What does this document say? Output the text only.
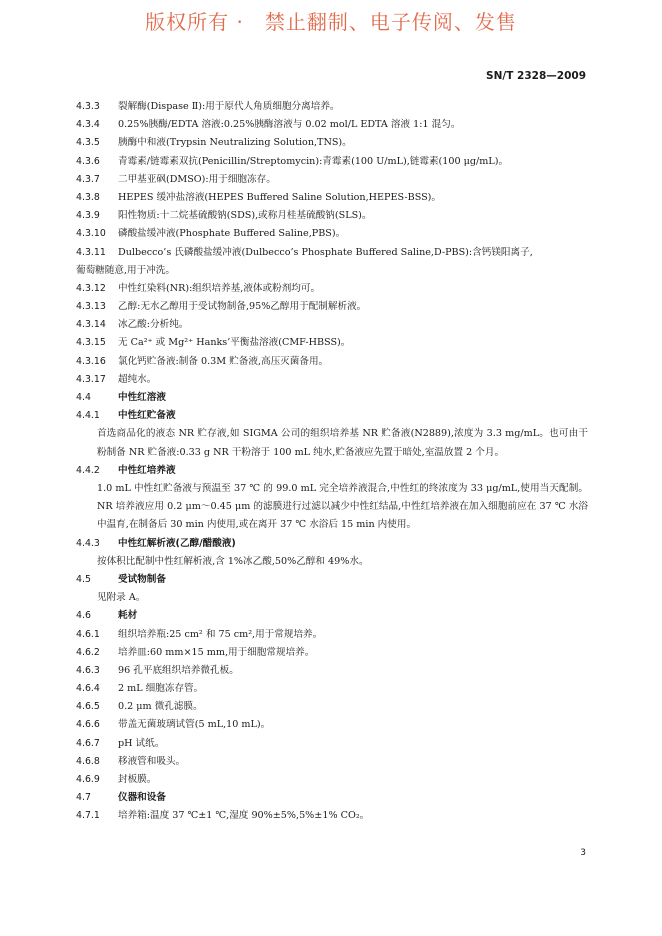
版权所有 ·　禁止翻制、电子传阅、发售
SN/T 2328—2009
4.3.3 裂解酶(Dispase Ⅱ):用于原代人角质细胞分离培养。
4.3.4 0.25%胰酶/EDTA 溶液:0.25%胰酶溶液与 0.02 mol/L EDTA 溶液 1:1 混匀。
4.3.5 胰酶中和液(Trypsin Neutralizing Solution,TNS)。
4.3.6 青霉素/链霉素双抗(Penicillin/Streptomycin):青霉素(100 U/mL),链霉素(100 μg/mL)。
4.3.7 二甲基亚砜(DMSO):用于细胞冻存。
4.3.8 HEPES 缓冲盐溶液(HEPES Buffered Saline Solution,HEPES-BSS)。
4.3.9 阳性物质:十二烷基硫酸钠(SDS),或称月桂基硫酸钠(SLS)。
4.3.10 磷酸盐缓冲液(Phosphate Buffered Saline,PBS)。
4.3.11 Dulbecco’s 氏磷酸盐缓冲液(Dulbecco’s Phosphate Buffered Saline,D-PBS):含钙镁阳离子,
葡萄糖随意,用于冲洗。
4.3.12 中性红染料(NR):组织培养基,液体或粉剂均可。
4.3.13 乙醇:无水乙醇用于受试物制备,95%乙醇用于配制解析液。
4.3.14 冰乙酸:分析纯。
4.3.15 无 Ca²⁺ 或 Mg²⁺ Hanks’平衡盐溶液(CMF-HBSS)。
4.3.16 氯化钙贮备液:制备 0.3M 贮备液,高压灭菌备用。
4.3.17 超纯水。
4.4	中性红溶液
4.4.1 中性红贮备液
首选商品化的液态 NR 贮存液,如 SIGMA 公司的组织培养基 NR 贮备液(N2889),浓度为 3.3 mg/mL。也可由干粉制备 NR 贮备液:0.33 g NR 干粉溶于 100 mL 纯水,贮备液应先置于暗处,室温放置 2 个月。
4.4.2 中性红培养液
1.0 mL 中性红贮备液与预温至 37 ℃ 的 99.0 mL 完全培养液混合,中性红的终浓度为 33 μg/mL,使用当天配制。NR 培养液应用 0.2 μm～0.45 μm 的滤膜进行过滤以减少中性红结晶,中性红培养液在加入细胞前应在 37 ℃ 水浴中温育,在制备后 30 min 内使用,或在离开 37 ℃ 水浴后 15 min 内使用。
4.4.3 中性红解析液(乙醇/醋酸液)
按体积比配制中性红解析液,含 1%冰乙酸,50%乙醇和 49%水。
4.5	受试物制备
见附录 A。
4.6	耗材
4.6.1 组织培养瓶:25 cm² 和 75 cm²,用于常规培养。
4.6.2 培养皿:60 mm×15 mm,用于细胞常规培养。
4.6.3 96 孔平底组织培养微孔板。
4.6.4 2 mL 细胞冻存管。
4.6.5 0.2 μm 微孔滤膜。
4.6.6 带盖无菌玻璃试管(5 mL,10 mL)。
4.6.7 pH 试纸。
4.6.8 移液管和吸头。
4.6.9 封板膜。
4.7	仪器和设备
4.7.1 培养箱:温度 37 ℃±1 ℃,湿度 90%±5%,5%±1% CO₂。
3
